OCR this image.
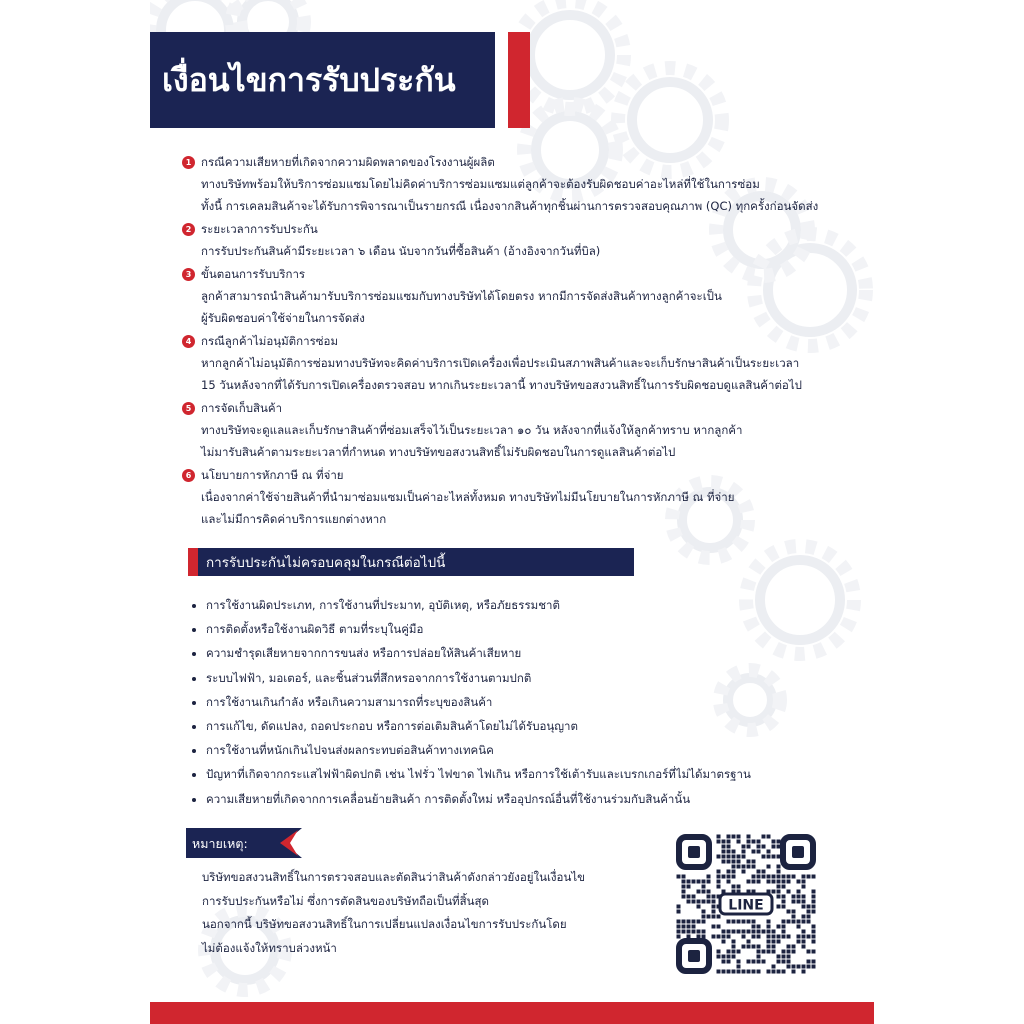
เงื่อนไขการรับประกัน
1 กรณีความเสียหายที่เกิดจากความผิดพลาดของโรงงานผู้ผลิต
ทางบริษัทพร้อมให้บริการซ่อมแซมโดยไม่คิดค่าบริการซ่อมแซมแต่ลูกค้าจะต้องรับผิดชอบค่าอะไหล่ที่ใช้ในการซ่อม
ทั้งนี้ การเคลมสินค้าจะได้รับการพิจารณาเป็นรายกรณี เนื่องจากสินค้าทุกชิ้นผ่านการตรวจสอบคุณภาพ (QC) ทุกครั้งก่อนจัดส่ง
2 ระยะเวลาการรับประกัน
การรับประกันสินค้ามีระยะเวลา ๖ เดือน นับจากวันที่ซื้อสินค้า (อ้างอิงจากวันที่บิล)
3 ขั้นตอนการรับบริการ
ลูกค้าสามารถนำสินค้ามารับบริการซ่อมแซมกับทางบริษัทได้โดยตรง หากมีการจัดส่งสินค้าทางลูกค้าจะเป็น
ผู้รับผิดชอบค่าใช้จ่ายในการจัดส่ง
4 กรณีลูกค้าไม่อนุมัติการซ่อม
หากลูกค้าไม่อนุมัติการซ่อมทางบริษัทจะคิดค่าบริการเปิดเครื่องเพื่อประเมินสภาพสินค้าและจะเก็บรักษาสินค้าเป็นระยะเวลา
15 วันหลังจากที่ได้รับการเปิดเครื่องตรวจสอบ หากเกินระยะเวลานี้ ทางบริษัทขอสงวนสิทธิ์ในการรับผิดชอบดูแลสินค้าต่อไป
5 การจัดเก็บสินค้า
ทางบริษัทจะดูแลและเก็บรักษาสินค้าที่ซ่อมเสร็จไว้เป็นระยะเวลา ๑๐ วัน หลังจากที่แจ้งให้ลูกค้าทราบ หากลูกค้า
ไม่มารับสินค้าตามระยะเวลาที่กำหนด ทางบริษัทขอสงวนสิทธิ์ไม่รับผิดชอบในการดูแลสินค้าต่อไป
6 นโยบายการหักภาษี ณ ที่จ่าย
เนื่องจากค่าใช้จ่ายสินค้าที่นำมาซ่อมแซมเป็นค่าอะไหล่ทั้งหมด ทางบริษัทไม่มีนโยบายในการหักภาษี ณ ที่จ่าย
และไม่มีการคิดค่าบริการแยกต่างหาก
การรับประกันไม่ครอบคลุมในกรณีต่อไปนี้
การใช้งานผิดประเภท, การใช้งานที่ประมาท, อุบัติเหตุ, หรือภัยธรรมชาติ
การติดตั้งหรือใช้งานผิดวิธี ตามที่ระบุในคู่มือ
ความชำรุดเสียหายจากการขนส่ง หรือการปล่อยให้สินค้าเสียหาย
ระบบไฟฟ้า, มอเตอร์, และชิ้นส่วนที่สึกหรอจากการใช้งานตามปกติ
การใช้งานเกินกำลัง หรือเกินความสามารถที่ระบุของสินค้า
การแก้ไข, ดัดแปลง, ถอดประกอบ หรือการต่อเติมสินค้าโดยไม่ได้รับอนุญาต
การใช้งานที่หนักเกินไปจนส่งผลกระทบต่อสินค้าทางเทคนิค
ปัญหาที่เกิดจากกระแสไฟฟ้าผิดปกติ เช่น ไฟรั่ว ไฟขาด ไฟเกิน หรือการใช้เต้ารับและเบรกเกอร์ที่ไม่ได้มาตรฐาน
ความเสียหายที่เกิดจากการเคลื่อนย้ายสินค้า การติดตั้งใหม่ หรืออุปกรณ์อื่นที่ใช้งานร่วมกับสินค้านั้น
หมายเหตุ:
บริษัทขอสงวนสิทธิ์ในการตรวจสอบและตัดสินว่าสินค้าดังกล่าวยังอยู่ในเงื่อนไข
การรับประกันหรือไม่ ซึ่งการตัดสินของบริษัทถือเป็นที่สิ้นสุด
นอกจากนี้ บริษัทขอสงวนสิทธิ์ในการเปลี่ยนแปลงเงื่อนไขการรับประกันโดย
ไม่ต้องแจ้งให้ทราบล่วงหน้า
LINE
